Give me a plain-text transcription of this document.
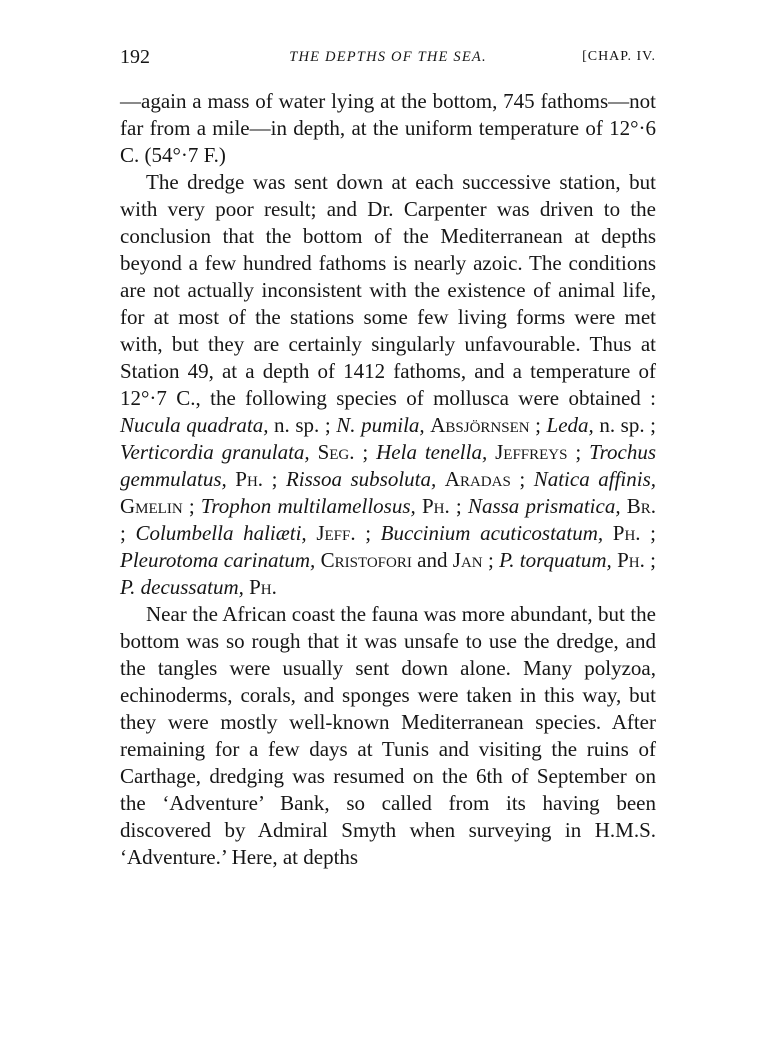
192	THE DEPTHS OF THE SEA.	[CHAP. IV.

—again a mass of water lying at the bottom, 745 fathoms—not far from a mile—in depth, at the uniform temperature of 12°·6 C. (54°·7 F.)

The dredge was sent down at each successive station, but with very poor result; and Dr. Carpenter was driven to the conclusion that the bottom of the Mediterranean at depths beyond a few hundred fathoms is nearly azoic. The conditions are not actually inconsistent with the existence of animal life, for at most of the stations some few living forms were met with, but they are certainly singularly unfavourable. Thus at Station 49, at a depth of 1412 fathoms, and a temperature of 12°·7 C., the following species of mollusca were obtained : Nucula quadrata, n. sp. ; N. pumila, Absjörnsen ; Leda, n. sp. ; Verticordia granulata, Seg. ; Hela tenella, Jeffreys ; Trochus gemmulatus, Ph. ; Rissoa subsoluta, Aradas ; Natica affinis, Gmelin ; Trophon multilamellosus, Ph. ; Nassa prismatica, Br. ; Columbella haliæti, Jeff. ; Buccinium acuticostatum, Ph. ; Pleurotoma carinatum, Cristofori and Jan ; P. torquatum, Ph. ; P. decussatum, Ph.

Near the African coast the fauna was more abundant, but the bottom was so rough that it was unsafe to use the dredge, and the tangles were usually sent down alone. Many polyzoa, echinoderms, corals, and sponges were taken in this way, but they were mostly well-known Mediterranean species. After remaining for a few days at Tunis and visiting the ruins of Carthage, dredging was resumed on the 6th of September on the ‘Adventure’ Bank, so called from its having been discovered by Admiral Smyth when surveying in H.M.S. ‘Adventure.’ Here, at depths
